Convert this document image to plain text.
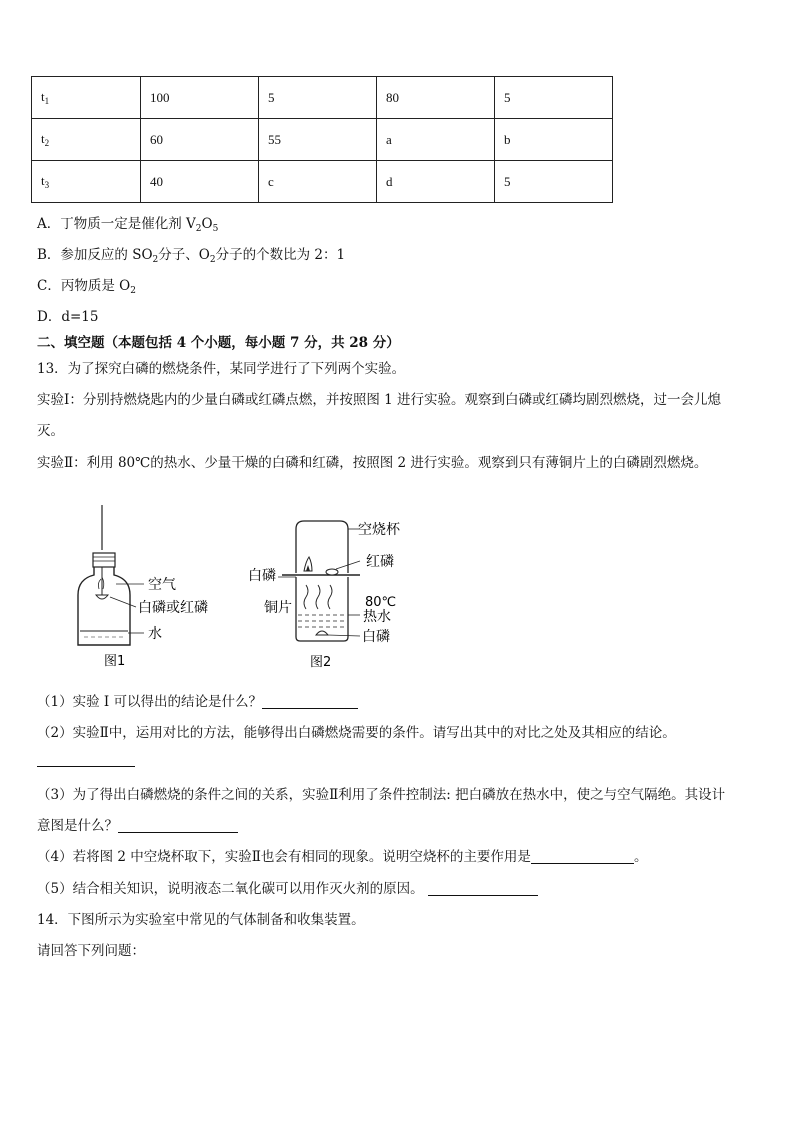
$t_1$	100	5	80	5
$t_2$	60	55	a	b
$t_3$	40	c	d	5
A．丁物质一定是催化剂 $V_2O_5$
B．参加反应的 $SO_2$分子、$O_2$分子的个数比为 2：1
C．丙物质是 $O_2$
D．d=15
二、填空题（本题包括 4 个小题，每小题 7 分，共 28 分）
13．为了探究白磷的燃烧条件，某同学进行了下列两个实验。
实验Ⅰ：分别持燃烧匙内的少量白磷或红磷点燃，并按照图 1 进行实验。观察到白磷或红磷均剧烈燃烧，过一会儿熄
灭。
实验Ⅱ：利用 80℃的热水、少量干燥的白磷和红磷，按照图 2 进行实验。观察到只有薄铜片上的白磷剧烈燃烧。
空气
白磷或红磷
水
图1
空烧杯
红磷
白磷
铜片	80℃
热水
白磷
图2
（1）实验 I 可以得出的结论是什么？
（2）实验Ⅱ中，运用对比的方法，能够得出白磷燃烧需要的条件。请写出其中的对比之处及其相应的结论。
（3）为了得出白磷燃烧的条件之间的关系，实验Ⅱ利用了条件控制法: 把白磷放在热水中，使之与空气隔绝。其设计
意图是什么？
（4）若将图 2 中空烧杯取下，实验Ⅱ也会有相同的现象。说明空烧杯的主要作用是	。
（5）结合相关知识，说明液态二氧化碳可以用作灭火剂的原因。
14．下图所示为实验室中常见的气体制备和收集装置。
请回答下列问题：
